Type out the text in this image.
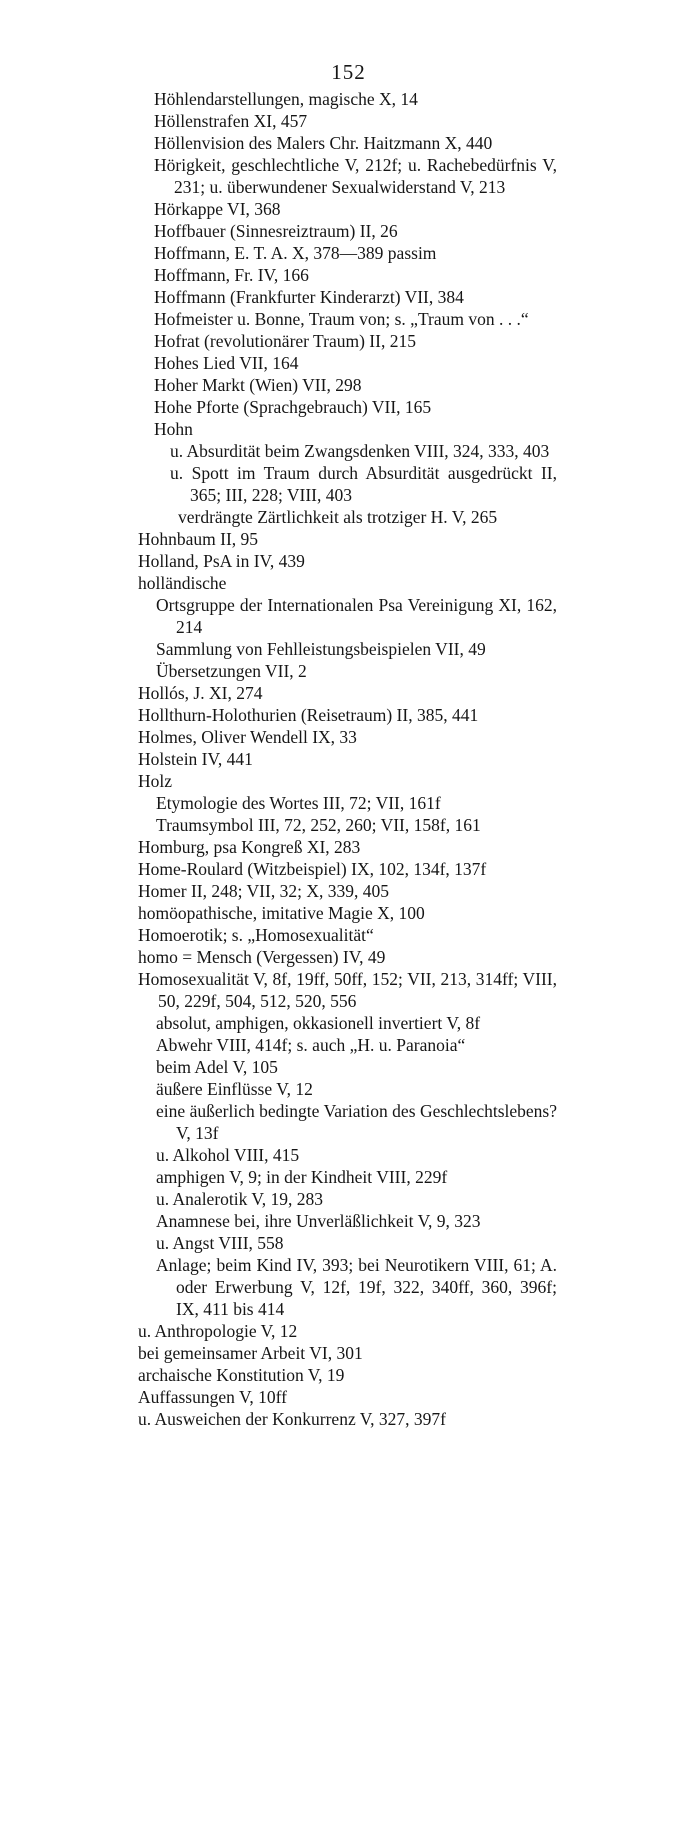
152

Höhlendarstellungen, magische X, 14

Höllenstrafen XI, 457

Höllenvision des Malers Chr. Haitzmann X, 440

Hörigkeit, geschlechtliche V, 212f; u. Rachebedürfnis V, 231; u. überwundener Sexualwiderstand V, 213

Hörkappe VI, 368

Hoffbauer (Sinnesreiztraum) II, 26

Hoffmann, E. T. A. X, 378—389 passim

Hoffmann, Fr. IV, 166

Hoffmann (Frankfurter Kinderarzt) VII, 384

Hofmeister u. Bonne, Traum von; s. „Traum von . . .“

Hofrat (revolutionärer Traum) II, 215

Hohes Lied VII, 164

Hoher Markt (Wien) VII, 298

Hohe Pforte (Sprachgebrauch) VII, 165

Hohn

u. Absurdität beim Zwangsdenken VIII, 324, 333, 403

u. Spott im Traum durch Absurdität ausgedrückt II, 365; III, 228; VIII, 403

verdrängte Zärtlichkeit als trotziger H. V, 265

Hohnbaum II, 95

Holland, PsA in IV, 439

holländische

Ortsgruppe der Internationalen Psa Vereinigung XI, 162, 214

Sammlung von Fehlleistungsbeispielen VII, 49

Übersetzungen VII, 2

Hollós, J. XI, 274

Hollthurn-Holothurien (Reisetraum) II, 385, 441

Holmes, Oliver Wendell IX, 33

Holstein IV, 441

Holz

Etymologie des Wortes III, 72; VII, 161f

Traumsymbol III, 72, 252, 260; VII, 158f, 161

Homburg, psa Kongreß XI, 283

Home-Roulard (Witzbeispiel) IX, 102, 134f, 137f

Homer II, 248; VII, 32; X, 339, 405

homöopathische, imitative Magie X, 100

Homoerotik; s. „Homosexualität“

homo = Mensch (Vergessen) IV, 49

Homosexualität V, 8f, 19ff, 50ff, 152; VII, 213, 314ff; VIII, 50, 229f, 504, 512, 520, 556

absolut, amphigen, okkasionell invertiert V, 8f

Abwehr VIII, 414f; s. auch „H. u. Paranoia“

beim Adel V, 105

äußere Einflüsse V, 12

eine äußerlich bedingte Variation des Geschlechtslebens? V, 13f

u. Alkohol VIII, 415

amphigen V, 9; in der Kindheit VIII, 229f

u. Analerotik V, 19, 283

Anamnese bei, ihre Unverläßlichkeit V, 9, 323

u. Angst VIII, 558

Anlage; beim Kind IV, 393; bei Neurotikern VIII, 61; A. oder Erwerbung V, 12f, 19f, 322, 340ff, 360, 396f; IX, 411 bis 414

u. Anthropologie V, 12

bei gemeinsamer Arbeit VI, 301

archaische Konstitution V, 19

Auffassungen V, 10ff

u. Ausweichen der Konkurrenz V, 327, 397f
